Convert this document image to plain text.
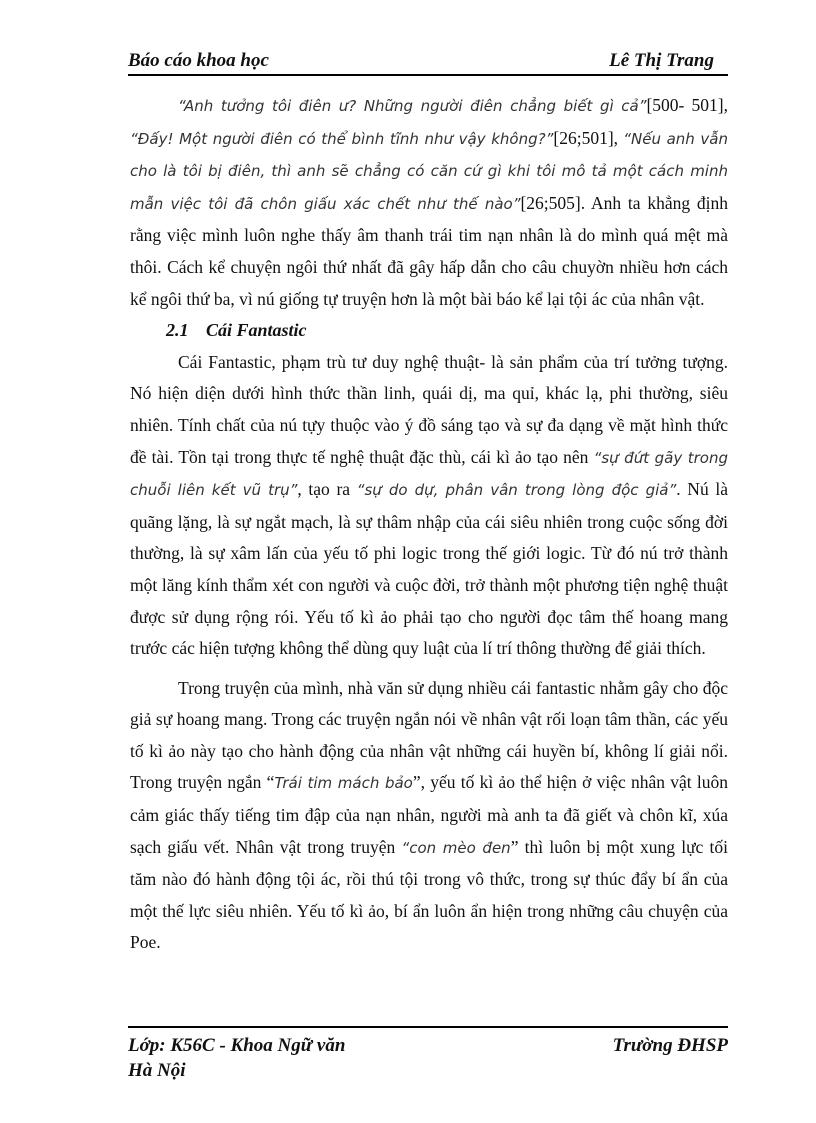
Báo cáo khoa học	Lê Thị Trang

“Anh tưởng tôi điên ư? Những người điên chẳng biết gì cả”[500- 501], “Đấy! Một người điên có thể bình tĩnh như vậy không?”[26;501], “Nếu anh vẫn cho là tôi bị điên, thì anh sẽ chẳng có căn cứ gì khi tôi mô tả một cách minh mẫn việc tôi đã chôn giấu xác chết như thế nào”[26;505]. Anh ta khẳng định rằng việc mình luôn nghe thấy âm thanh trái tim nạn nhân là do mình quá mệt mà thôi. Cách kể chuyện ngôi thứ nhất đã gây hấp dẫn cho câu chuyờn nhiều hơn cách kể ngôi thứ ba, vì nú giống tự truyện hơn là một bài báo kể lại tội ác của nhân vật.

2.1 Cái Fantastic

Cái Fantastic, phạm trù tư duy nghệ thuật- là sản phẩm của trí tưởng tượng. Nó hiện diện dưới hình thức thần linh, quái dị, ma quỉ, khác lạ, phi thường, siêu nhiên. Tính chất của nú tựy thuộc vào ý đồ sáng tạo và sự đa dạng về mặt hình thức đề tài. Tồn tại trong thực tế nghệ thuật đặc thù, cái kì ảo tạo nên “sự đứt gãy trong chuỗi liên kết vũ trụ”, tạo ra “sự do dự, phân vân trong lòng độc giả”. Nú là quãng lặng, là sự ngắt mạch, là sự thâm nhập của cái siêu nhiên trong cuộc sống đời thường, là sự xâm lấn của yếu tố phi logic trong thế giới logic. Từ đó nú trở thành một lăng kính thẩm xét con người và cuộc đời, trở thành một phương tiện nghệ thuật được sử dụng rộng rói. Yếu tố kì ảo phải tạo cho người đọc tâm thế hoang mang trước các hiện tượng không thể dùng quy luật của lí trí thông thường để giải thích.

Trong truyện của mình, nhà văn sử dụng nhiều cái fantastic nhằm gây cho độc giả sự hoang mang. Trong các truyện ngắn nói về nhân vật rối loạn tâm thần, các yếu tố kì ảo này tạo cho hành động của nhân vật những cái huyền bí, không lí giải nổi. Trong truyện ngắn “Trái tim mách bảo”, yếu tố kì ảo thể hiện ở việc nhân vật luôn cảm giác thấy tiếng tim đập của nạn nhân, người mà anh ta đã giết và chôn kĩ, xúa sạch giấu vết. Nhân vật trong truyện “con mèo đen” thì luôn bị một xung lực tối tăm nào đó hành động tội ác, rồi thú tội trong vô thức, trong sự thúc đẩy bí ẩn của một thế lực siêu nhiên. Yếu tố kì ảo, bí ẩn luôn ẩn hiện trong những câu chuyện của Poe.

Lớp: K56C - Khoa Ngữ văn
Hà Nội
Trường ĐHSP
